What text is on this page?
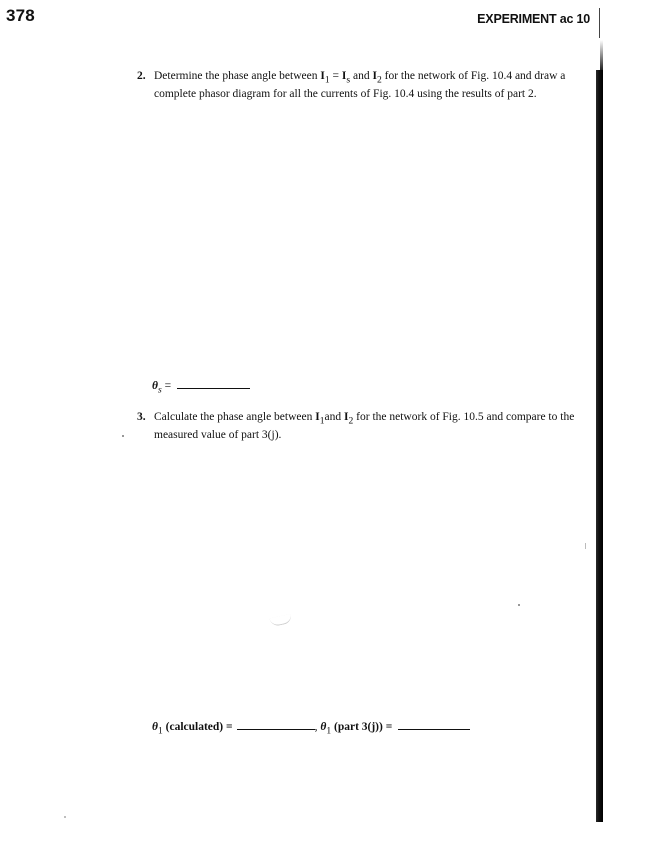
378	EXPERIMENT ac 10
2. Determine the phase angle between $I_1 = I_s$ and $I_2$ for the network of Fig. 10.4 and draw a complete phasor diagram for all the currents of Fig. 10.4 using the results of part 2.
$\theta_s$ =
3. Calculate the phase angle between $I_1and$ $I_2$ for the network of Fig. 10.5 and compare to the measured value of part 3(j).
$\theta_1$ (calculated) =	, $\theta_1$ (part 3(j)) =
